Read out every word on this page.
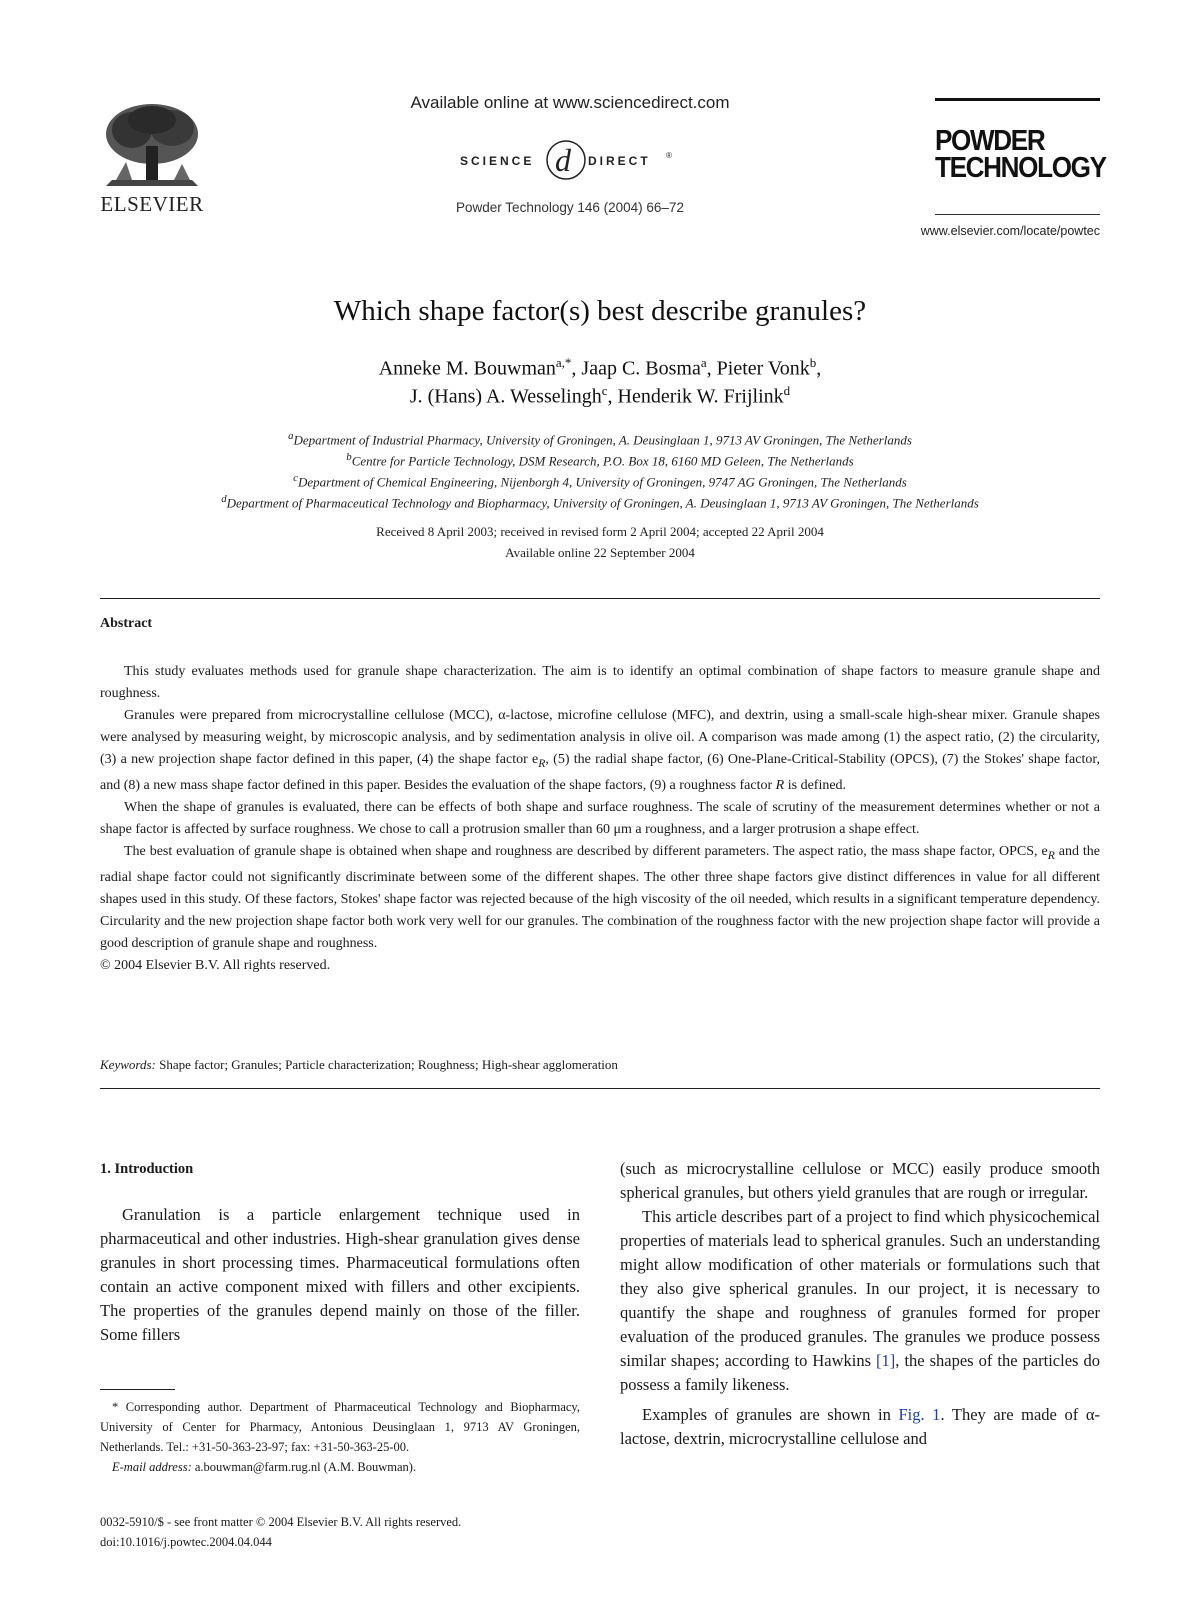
ELSEVIER
Available online at www.sciencedirect.com
SCIENCE d DIRECT ®
Powder Technology 146 (2004) 66–72
POWDER
TECHNOLOGY
www.elsevier.com/locate/powtec
Which shape factor(s) best describe granules?
Anneke M. Bouwman$^{a,*}$, Jaap C. Bosma$^a$, Pieter Vonk$^b$,
J. (Hans) A. Wesselingh$^c$, Henderik W. Frijlink$^d$
$^a$Department of Industrial Pharmacy, University of Groningen, A. Deusinglaan 1, 9713 AV Groningen, The Netherlands
$^b$Centre for Particle Technology, DSM Research, P.O. Box 18, 6160 MD Geleen, The Netherlands
$^c$Department of Chemical Engineering, Nijenborgh 4, University of Groningen, 9747 AG Groningen, The Netherlands
$^d$Department of Pharmaceutical Technology and Biopharmacy, University of Groningen, A. Deusinglaan 1, 9713 AV Groningen, The Netherlands
Received 8 April 2003; received in revised form 2 April 2004; accepted 22 April 2004
Available online 22 September 2004
Abstract

This study evaluates methods used for granule shape characterization. The aim is to identify an optimal combination of shape factors to measure granule shape and roughness.

Granules were prepared from microcrystalline cellulose (MCC), α-lactose, microfine cellulose (MFC), and dextrin, using a small-scale high-shear mixer. Granule shapes were analysed by measuring weight, by microscopic analysis, and by sedimentation analysis in olive oil. A comparison was made among (1) the aspect ratio, (2) the circularity, (3) a new projection shape factor defined in this paper, (4) the shape factor $e_R$, (5) the radial shape factor, (6) One-Plane-Critical-Stability (OPCS), (7) the Stokes' shape factor, and (8) a new mass shape factor defined in this paper. Besides the evaluation of the shape factors, (9) a roughness factor R is defined.

When the shape of granules is evaluated, there can be effects of both shape and surface roughness. The scale of scrutiny of the measurement determines whether or not a shape factor is affected by surface roughness. We chose to call a protrusion smaller than 60 μm a roughness, and a larger protrusion a shape effect.

The best evaluation of granule shape is obtained when shape and roughness are described by different parameters. The aspect ratio, the mass shape factor, OPCS, $e_R$ and the radial shape factor could not significantly discriminate between some of the different shapes. The other three shape factors give distinct differences in value for all different shapes used in this study. Of these factors, Stokes' shape factor was rejected because of the high viscosity of the oil needed, which results in a significant temperature dependency. Circularity and the new projection shape factor both work very well for our granules. The combination of the roughness factor with the new projection shape factor will provide a good description of granule shape and roughness.

© 2004 Elsevier B.V. All rights reserved.

Keywords: Shape factor; Granules; Particle characterization; Roughness; High-shear agglomeration

1. Introduction

Granulation is a particle enlargement technique used in pharmaceutical and other industries. High-shear granulation gives dense granules in short processing times. Pharmaceutical formulations often contain an active component mixed with fillers and other excipients. The properties of the granules depend mainly on those of the filler. Some fillers

* Corresponding author. Department of Pharmaceutical Technology and Biopharmacy, University of Center for Pharmacy, Antonious Deusinglaan 1, 9713 AV Groningen, Netherlands. Tel.: +31-50-363-23-97; fax: +31-50-363-25-00.
E-mail address: a.bouwman@farm.rug.nl (A.M. Bouwman).
0032-5910/$ - see front matter © 2004 Elsevier B.V. All rights reserved.
doi:10.1016/j.powtec.2004.04.044

(such as microcrystalline cellulose or MCC) easily produce smooth spherical granules, but others yield granules that are rough or irregular.

This article describes part of a project to find which physicochemical properties of materials lead to spherical granules. Such an understanding might allow modification of other materials or formulations such that they also give spherical granules. In our project, it is necessary to quantify the shape and roughness of granules formed for proper evaluation of the produced granules. The granules we produce possess similar shapes; according to Hawkins [1], the shapes of the particles do possess a family likeness.

Examples of granules are shown in Fig. 1. They are made of α-lactose, dextrin, microcrystalline cellulose and
